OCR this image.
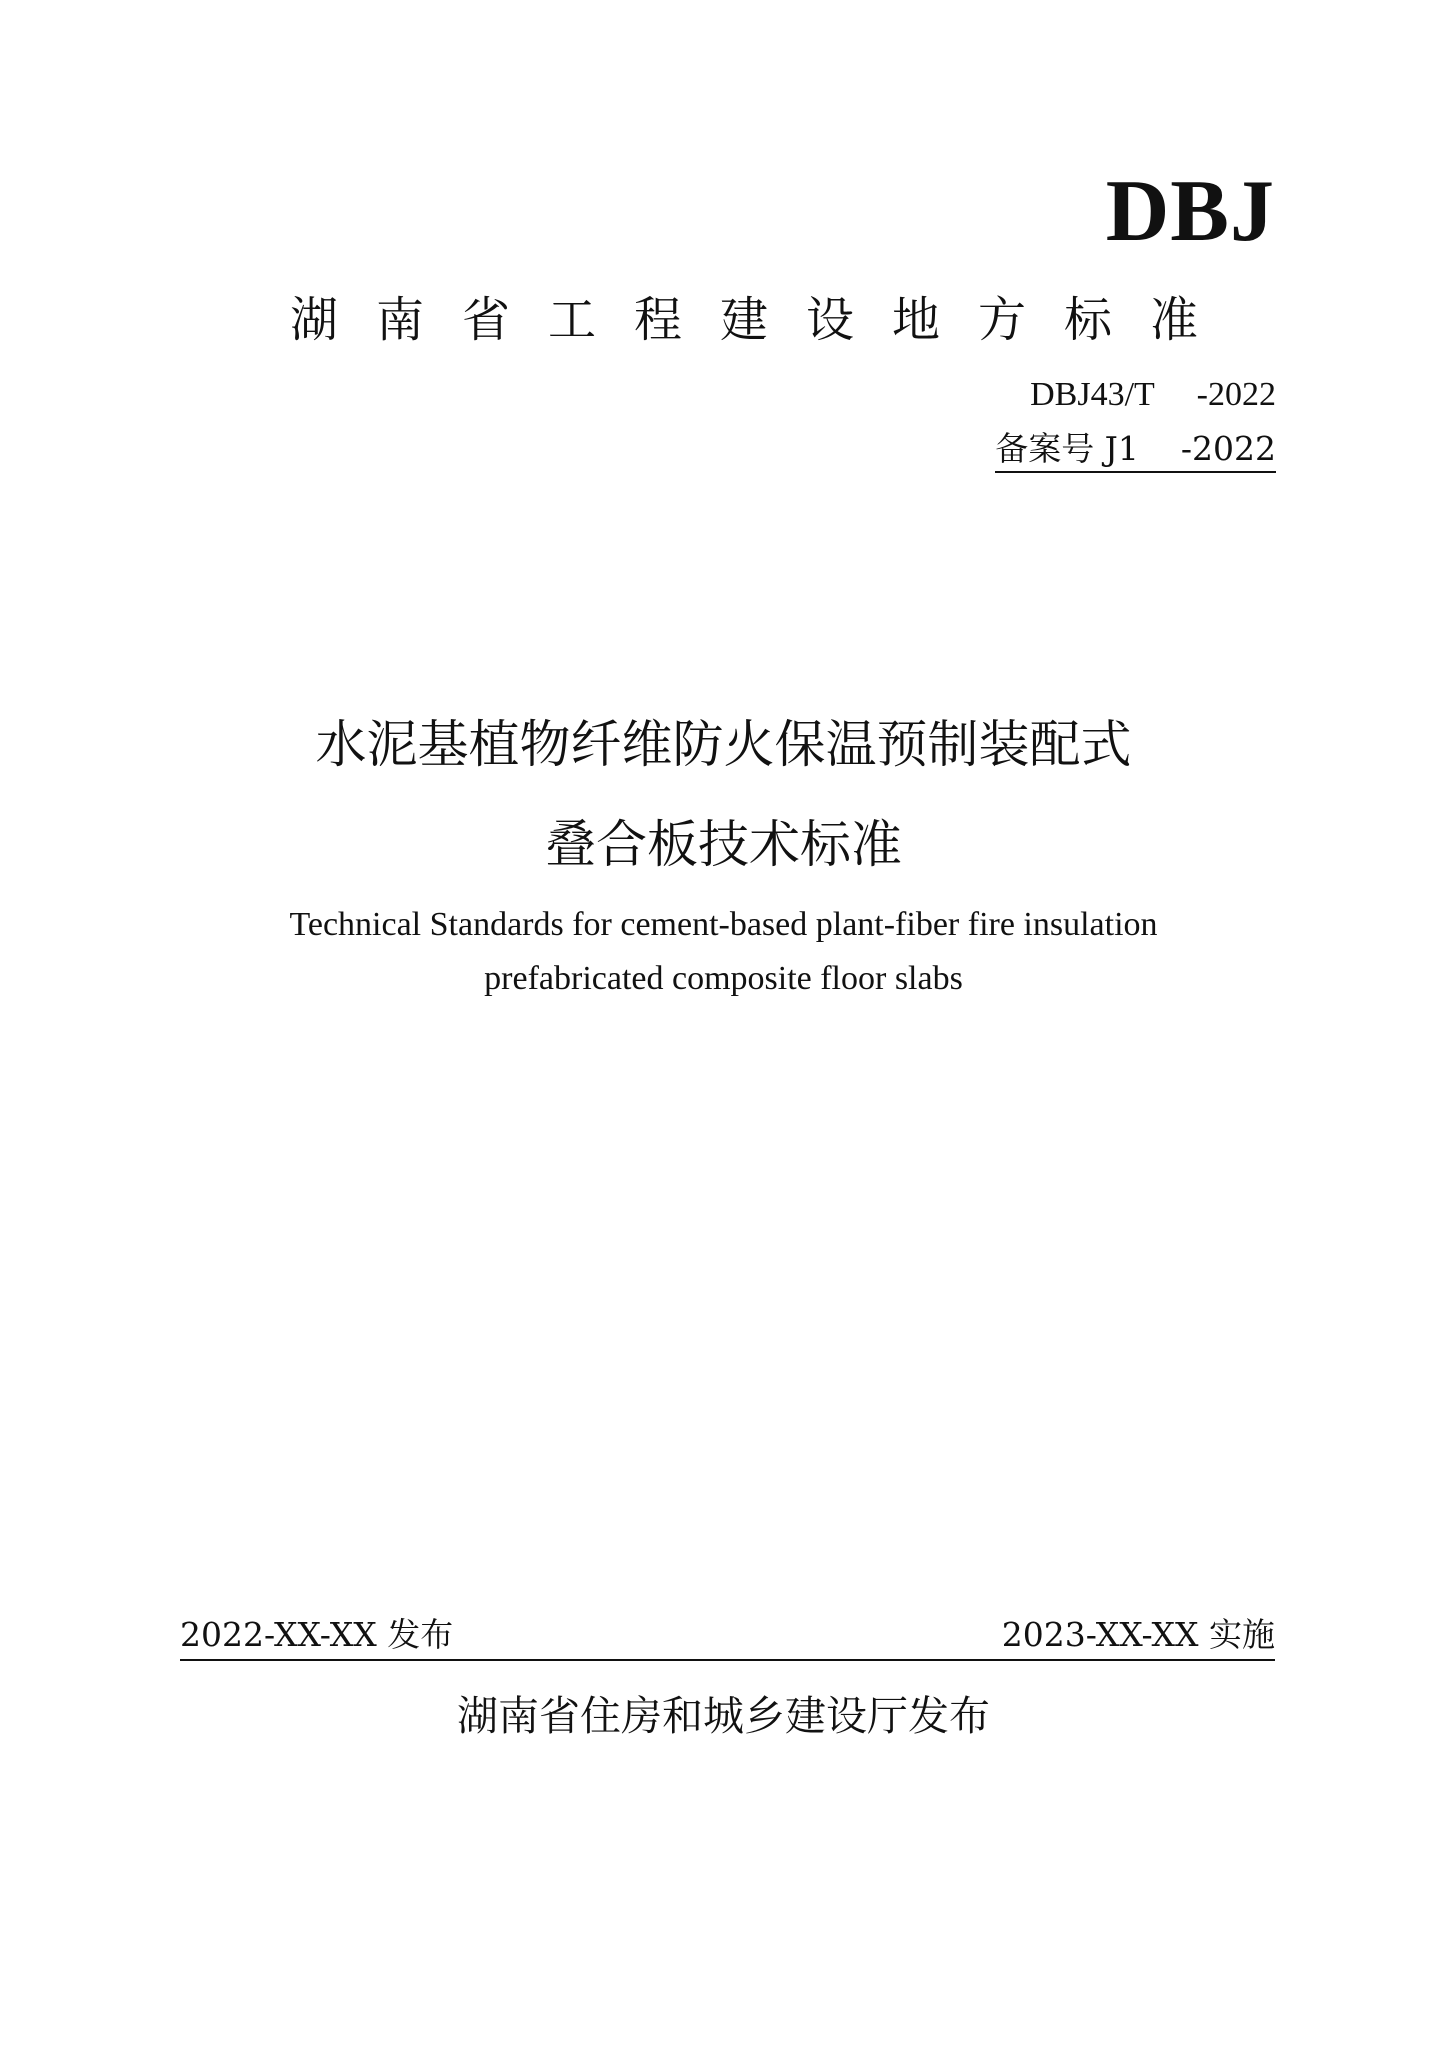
DBJ
湖南省工程建设地方标准
DBJ43/T     -2022
备案号 J1    -2022
水泥基植物纤维防火保温预制装配式
叠合板技术标准
Technical Standards for cement-based plant-fiber fire insulation
prefabricated composite floor slabs
2022-XX-XX 发布	2023-XX-XX 实施
湖南省住房和城乡建设厅发布
